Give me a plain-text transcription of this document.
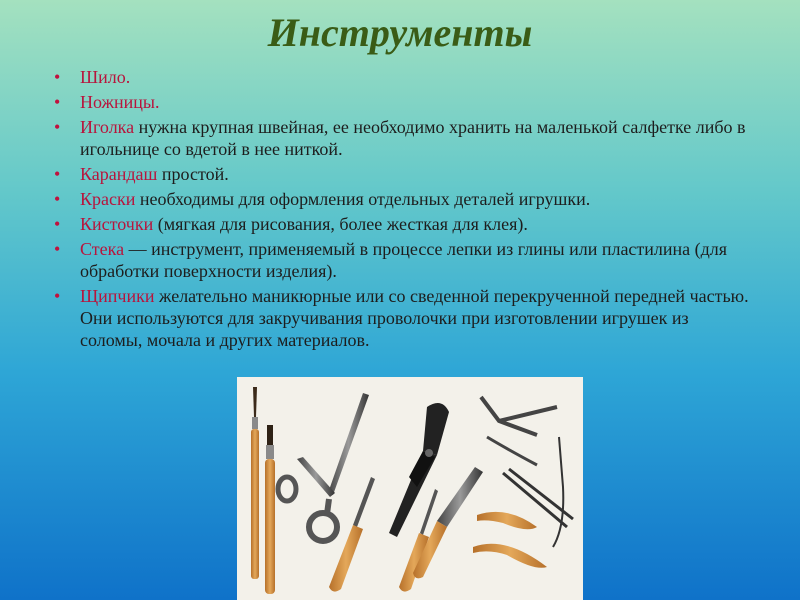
Инструменты
• Шило.
• Ножницы.
• Иголка нужна крупная швейная, ее необходимо хранить на маленькой салфетке либо в игольнице со вдетой в нее ниткой.
• Карандаш простой.
• Краски необходимы для оформления отдельных деталей игрушки.
• Кисточки (мягкая для рисования, более жесткая для клея).
• Стека — инструмент, применяемый в процессе лепки из глины или пластилина (для обработки поверхности изделия).
• Щипчики желательно маникюрные или со сведенной перекрученной передней частью. Они используются для закручивания проволочки при изготовлении игрушек из соломы, мочала и других материалов.
